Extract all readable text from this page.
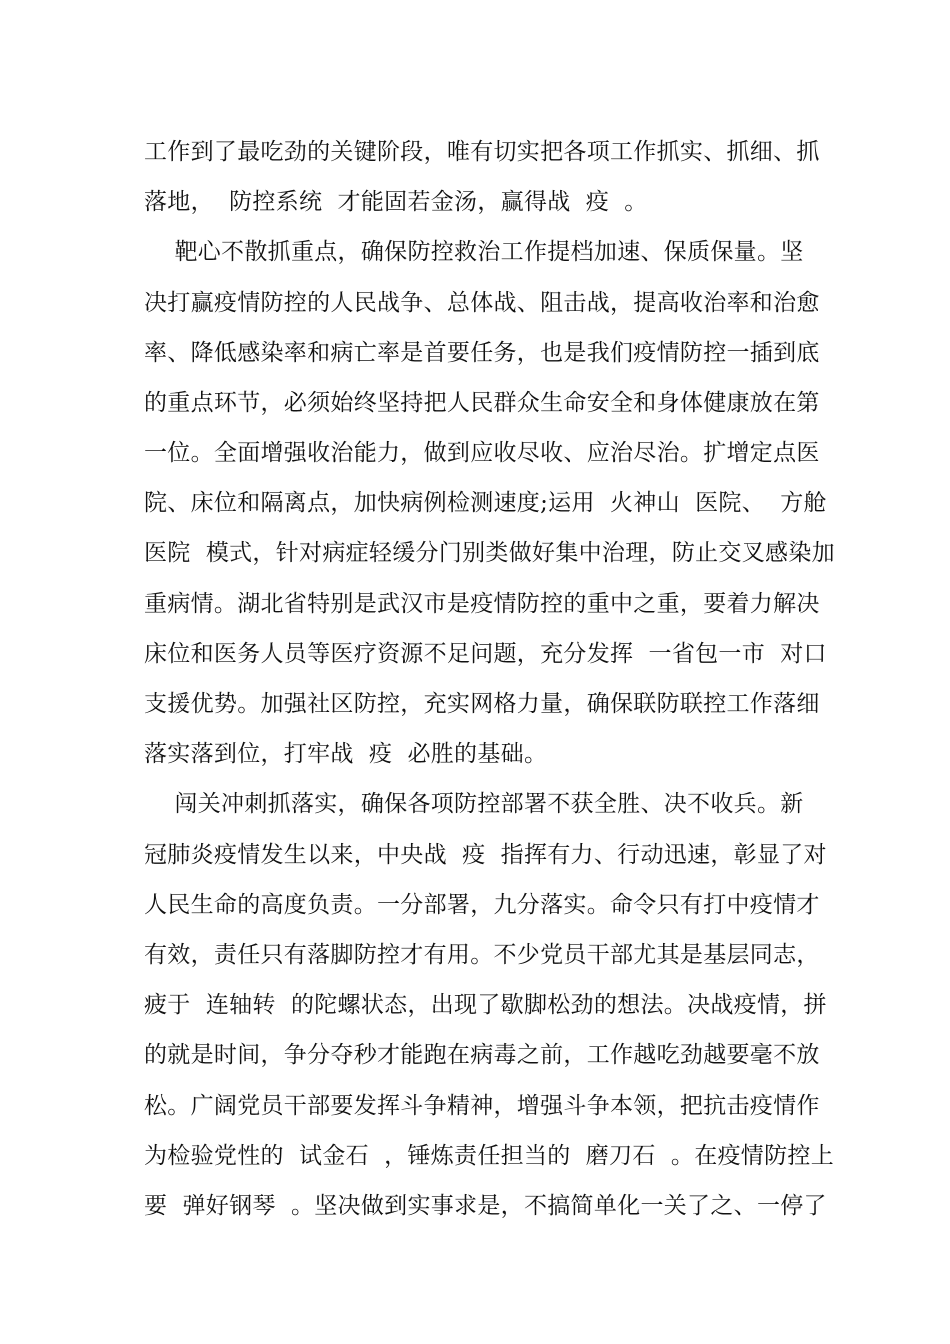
工作到了最吃劲的关键阶段，唯有切实把各项工作抓实、抓细、抓
落地，  防控系统  才能固若金汤，赢得战  疫  。
靶心不散抓重点，确保防控救治工作提档加速、保质保量。坚
决打赢疫情防控的人民战争、总体战、阻击战，提高收治率和治愈
率、降低感染率和病亡率是首要任务，也是我们疫情防控一插到底
的重点环节，必须始终坚持把人民群众生命安全和身体健康放在第
一位。全面增强收治能力，做到应收尽收、应治尽治。扩增定点医
院、床位和隔离点，加快病例检测速度;运用  火神山  医院、  方舱
医院  模式，针对病症轻缓分门别类做好集中治理，防止交叉感染加
重病情。湖北省特别是武汉市是疫情防控的重中之重，要着力解决
床位和医务人员等医疗资源不足问题，充分发挥  一省包一市  对口
支援优势。加强社区防控，充实网格力量，确保联防联控工作落细
落实落到位，打牢战  疫  必胜的基础。
闯关冲刺抓落实，确保各项防控部署不获全胜、决不收兵。新
冠肺炎疫情发生以来，中央战  疫  指挥有力、行动迅速，彰显了对
人民生命的高度负责。一分部署，九分落实。命令只有打中疫情才
有效，责任只有落脚防控才有用。不少党员干部尤其是基层同志，
疲于  连轴转  的陀螺状态，出现了歇脚松劲的想法。决战疫情，拼
的就是时间，争分夺秒才能跑在病毒之前，工作越吃劲越要毫不放
松。广阔党员干部要发挥斗争精神，增强斗争本领，把抗击疫情作
为检验党性的  试金石  ，锤炼责任担当的  磨刀石  。在疫情防控上
要  弹好钢琴  。坚决做到实事求是，不搞简单化一关了之、一停了
